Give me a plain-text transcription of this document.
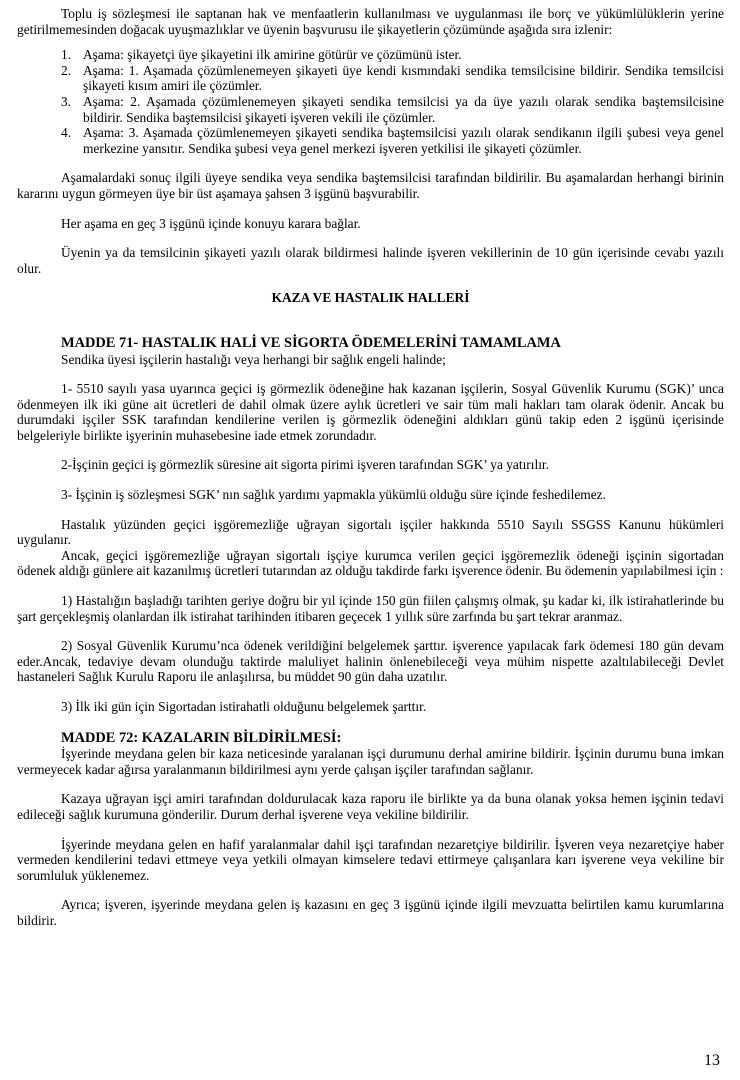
Toplu iş sözleşmesi ile saptanan hak ve menfaatlerin kullanılması ve uygulanması ile borç ve yükümlülüklerin yerine getirilmemesinden doğacak uyuşmazlıklar ve üyenin başvurusu ile şikayetlerin çözümünde aşağıda sıra izlenir:

1. Aşama: şikayetçi üye şikayetini ilk amirine götürür ve çözümünü ister.
2. Aşama: 1. Aşamada çözümlenemeyen şikayeti üye kendi kısmındaki sendika temsilcisine bildirir. Sendika temsilcisi şikayeti kısım amiri ile çözümler.
3. Aşama: 2. Aşamada çözümlenemeyen şikayeti sendika temsilcisi ya da üye yazılı olarak sendika baştemsilcisine bildirir. Sendika baştemsilcisi şikayeti işveren vekili ile çözümler.
4. Aşama: 3. Aşamada çözümlenemeyen şikayeti sendika baştemsilcisi yazılı olarak sendikanın ilgili şubesi veya genel merkezine yansıtır. Sendika şubesi veya genel merkezi işveren yetkilisi ile şikayeti çözümler.

Aşamalardaki sonuç ilgili üyeye sendika veya sendika baştemsilcisi tarafından bildirilir. Bu aşamalardan herhangi birinin kararını uygun görmeyen üye bir üst aşamaya şahsen 3 işgünü başvurabilir.

Her aşama en geç 3 işgünü içinde konuyu karara bağlar.

Üyenin ya da temsilcinin şikayeti yazılı olarak bildirmesi halinde işveren vekillerinin de 10 gün içerisinde cevabı yazılı olur.

KAZA VE HASTALIK HALLERİ

MADDE 71- HASTALIK HALİ VE SİGORTA ÖDEMELERİNİ TAMAMLAMA

Sendika üyesi işçilerin hastalığı veya herhangi bir sağlık engeli halinde;

1- 5510 sayılı yasa uyarınca geçici iş görmezlik ödeneğine hak kazanan işçilerin, Sosyal Güvenlik Kurumu (SGK)’ unca ödenmeyen ilk iki güne ait ücretleri de dahil olmak üzere aylık ücretleri ve sair tüm mali hakları tam olarak ödenir. Ancak bu durumdaki işçiler SSK tarafından kendilerine verilen iş görmezlik ödeneğini aldıkları günü takip eden 2 işgünü içerisinde belgeleriyle birlikte işyerinin muhasebesine iade etmek zorundadır.

2-İşçinin geçici iş görmezlik süresine ait sigorta pirimi işveren tarafından SGK’ ya yatırılır.

3- İşçinin iş sözleşmesi SGK’ nın sağlık yardımı yapmakla yükümlü olduğu süre içinde feshedilemez.

Hastalık yüzünden geçici işgöremezliğe uğrayan sigortalı işçiler hakkında 5510 Sayılı SSGSS Kanunu hükümleri uygulanır.

Ancak, geçici işgöremezliğe uğrayan sigortalı işçiye kurumca verilen geçici işgöremezlik ödeneği işçinin sigortadan ödenek aldığı günlere ait kazanılmış ücretleri tutarından az olduğu takdirde farkı işverence ödenir. Bu ödemenin yapılabilmesi için :

1) Hastalığın başladığı tarihten geriye doğru bir yıl içinde 150 gün fiilen çalışmış olmak, şu kadar ki, ilk istirahatlerinde bu şart gerçekleşmiş olanlardan ilk istirahat tarihinden itibaren geçecek 1 yıllık süre zarfında bu şart tekrar aranmaz.

2) Sosyal Güvenlik Kurumu’nca ödenek verildiğini belgelemek şarttır. işverence yapılacak fark ödemesi 180 gün devam eder.Ancak, tedaviye devam olunduğu taktirde maluliyet halinin önlenebileceği veya mühim nispette azaltılabileceği Devlet hastaneleri Sağlık Kurulu Raporu ile anlaşılırsa, bu müddet 90 gün daha uzatılır.

3) İlk iki gün için Sigortadan istirahatli olduğunu belgelemek şarttır.

MADDE 72: KAZALARIN BİLDİRİLMESİ:

İşyerinde meydana gelen bir kaza neticesinde yaralanan işçi durumunu derhal amirine bildirir. İşçinin durumu buna imkan vermeyecek kadar ağırsa yaralanmanın bildirilmesi aynı yerde çalışan işçiler tarafından sağlanır.

Kazaya uğrayan işçi amiri tarafından doldurulacak kaza raporu ile birlikte ya da buna olanak yoksa hemen işçinin tedavi edileceği sağlık kurumuna gönderilir. Durum derhal işverene veya vekiline bildirilir.

İşyerinde meydana gelen en hafif yaralanmalar dahil işçi tarafından nezaretçiye bildirilir. İşveren veya nezaretçiye haber vermeden kendilerini tedavi ettmeye veya yetkili olmayan kimselere tedavi ettirmeye çalışanlara karı işverene veya vekiline bir sorumluluk yüklenemez.

Ayrıca; işveren, işyerinde meydana gelen iş kazasını en geç 3 işgünü içinde ilgili mevzuatta belirtilen kamu kurumlarına bildirir.

13
